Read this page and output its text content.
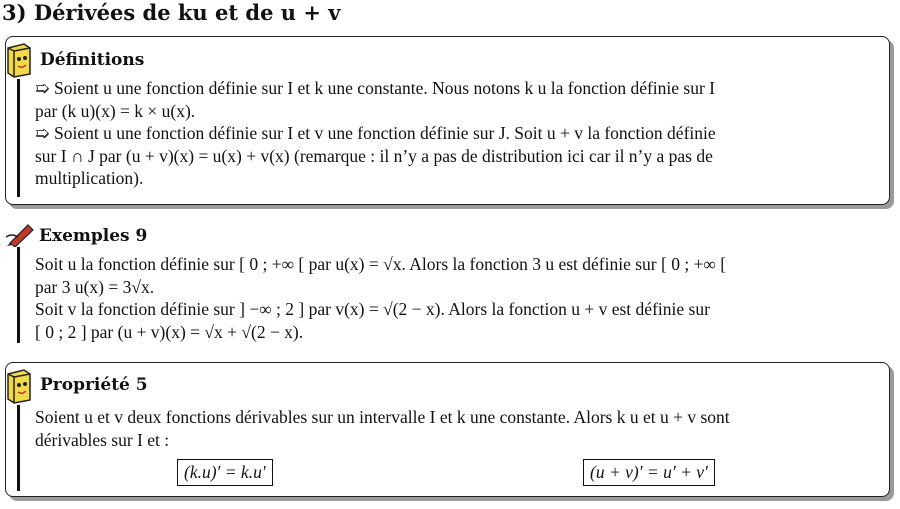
3) Dérivées de ku et de u + v
Définitions

➯ Soient u une fonction définie sur I et k une constante. Nous notons k u la fonction définie sur I

par (k u)(x) = k × u(x).

➯ Soient u une fonction définie sur I et v une fonction définie sur J. Soit u + v la fonction définie

sur I ∩ J par (u + v)(x) = u(x) + v(x) (remarque : il n’y a pas de distribution ici car il n’y a pas de

multiplication).

Exemples 9

Soit u la fonction définie sur [ 0 ; +∞ [ par u(x) = √x. Alors la fonction 3 u est définie sur [ 0 ; +∞ [

par 3 u(x) = 3√x.

Soit v la fonction définie sur ] −∞ ; 2 ] par v(x) = √(2 − x). Alors la fonction u + v est définie sur

[ 0 ; 2 ] par (u + v)(x) = √x + √(2 − x).

Propriété 5

Soient u et v deux fonctions dérivables sur un intervalle I et k une constante. Alors k u et u + v sont

dérivables sur I et :

(k.u)′ = k.u′	(u + v)′ = u′ + v′
